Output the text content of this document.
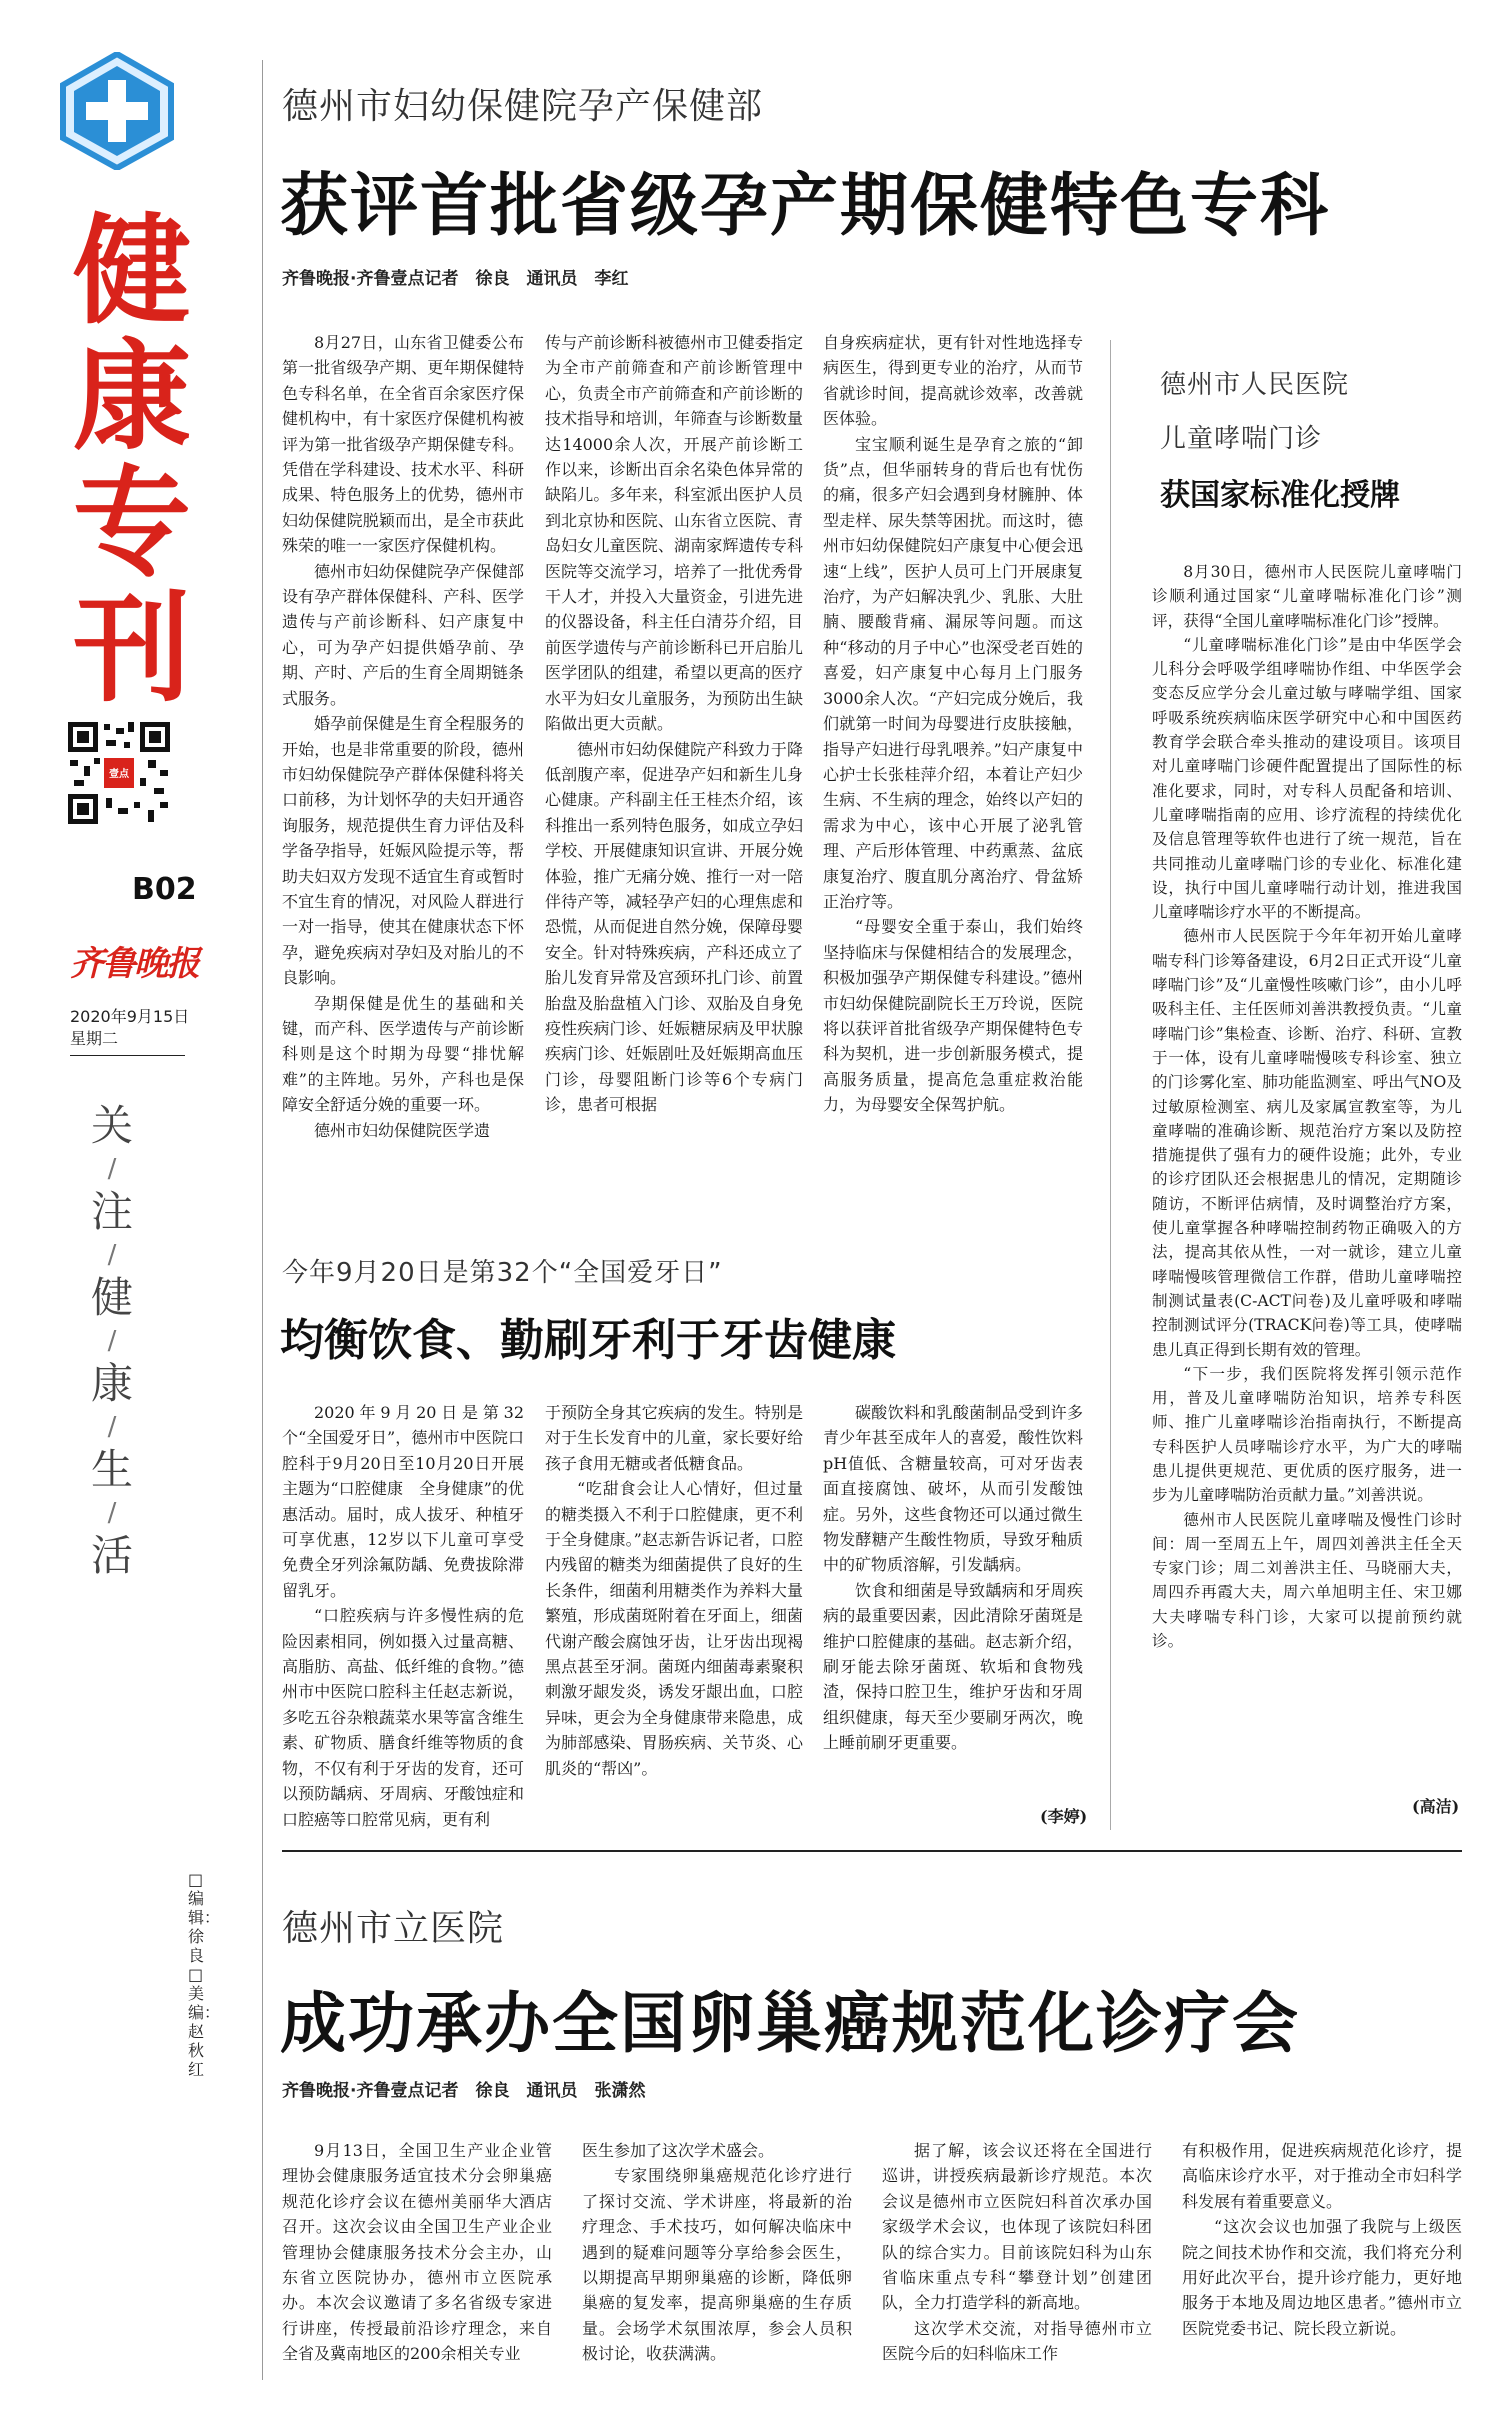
健
康
专
刊
壹点
B02
齐鲁晚报
2020年9月15日
星期二
关
/
注
/
健
/
康
/
生
/
活
□编辑：徐良 □美编：赵秋红
德州市妇幼保健院孕产保健部
获评首批省级孕产期保健特色专科
齐鲁晚报·齐鲁壹点记者　徐良　通讯员　李红

8月27日，山东省卫健委公布第一批省级孕产期、更年期保健特色专科名单，在全省百余家医疗保健机构中，有十家医疗保健机构被评为第一批省级孕产期保健专科。凭借在学科建设、技术水平、科研成果、特色服务上的优势，德州市妇幼保健院脱颖而出，是全市获此殊荣的唯一一家医疗保健机构。

德州市妇幼保健院孕产保健部设有孕产群体保健科、产科、医学遗传与产前诊断科、妇产康复中心，可为孕产妇提供婚孕前、孕期、产时、产后的生育全周期链条式服务。

婚孕前保健是生育全程服务的开始，也是非常重要的阶段，德州市妇幼保健院孕产群体保健科将关口前移，为计划怀孕的夫妇开通咨询服务，规范提供生育力评估及科学备孕指导，妊娠风险提示等，帮助夫妇双方发现不适宜生育或暂时不宜生育的情况，对风险人群进行一对一指导，使其在健康状态下怀孕，避免疾病对孕妇及对胎儿的不良影响。

孕期保健是优生的基础和关键，而产科、医学遗传与产前诊断科则是这个时期为母婴“排忧解难”的主阵地。另外，产科也是保障安全舒适分娩的重要一环。

德州市妇幼保健院医学遗

传与产前诊断科被德州市卫健委指定为全市产前筛查和产前诊断管理中心，负责全市产前筛查和产前诊断的技术指导和培训，年筛查与诊断数量达14000余人次，开展产前诊断工作以来，诊断出百余名染色体异常的缺陷儿。多年来，科室派出医护人员到北京协和医院、山东省立医院、青岛妇女儿童医院、湖南家辉遗传专科医院等交流学习，培养了一批优秀骨干人才，并投入大量资金，引进先进的仪器设备，科主任白清芬介绍，目前医学遗传与产前诊断科已开启胎儿医学团队的组建，希望以更高的医疗水平为妇女儿童服务，为预防出生缺陷做出更大贡献。

德州市妇幼保健院产科致力于降低剖腹产率，促进孕产妇和新生儿身心健康。产科副主任王桂杰介绍，该科推出一系列特色服务，如成立孕妇学校、开展健康知识宣讲、开展分娩体验，推广无痛分娩、推行一对一陪伴待产等，减轻孕产妇的心理焦虑和恐慌，从而促进自然分娩，保障母婴安全。针对特殊疾病，产科还成立了胎儿发育异常及宫颈环扎门诊、前置胎盘及胎盘植入门诊、双胎及自身免疫性疾病门诊、妊娠糖尿病及甲状腺疾病门诊、妊娠剧吐及妊娠期高血压门诊，母婴阻断门诊等6个专病门诊，患者可根据

自身疾病症状，更有针对性地选择专病医生，得到更专业的治疗，从而节省就诊时间，提高就诊效率，改善就医体验。

宝宝顺利诞生是孕育之旅的“卸货”点，但华丽转身的背后也有忧伤的痛，很多产妇会遇到身材臃肿、体型走样、尿失禁等困扰。而这时，德州市妇幼保健院妇产康复中心便会迅速“上线”，医护人员可上门开展康复治疗，为产妇解决乳少、乳胀、大肚腩、腰酸背痛、漏尿等问题。而这种“移动的月子中心”也深受老百姓的喜爱，妇产康复中心每月上门服务3000余人次。“产妇完成分娩后，我们就第一时间为母婴进行皮肤接触，指导产妇进行母乳喂养。”妇产康复中心护士长张桂萍介绍，本着让产妇少生病、不生病的理念，始终以产妇的需求为中心，该中心开展了泌乳管理、产后形体管理、中药熏蒸、盆底康复治疗、腹直肌分离治疗、骨盆矫正治疗等。

“母婴安全重于泰山，我们始终坚持临床与保健相结合的发展理念，积极加强孕产期保健专科建设。”德州市妇幼保健院副院长王万玲说，医院将以获评首批省级孕产期保健特色专科为契机，进一步创新服务模式，提高服务质量，提高危急重症救治能力，为母婴安全保驾护航。

德州市人民医院
儿童哮喘门诊
获国家标准化授牌

8月30日，德州市人民医院儿童哮喘门诊顺利通过国家“儿童哮喘标准化门诊”测评，获得“全国儿童哮喘标准化门诊”授牌。

“儿童哮喘标准化门诊”是由中华医学会儿科分会呼吸学组哮喘协作组、中华医学会变态反应学分会儿童过敏与哮喘学组、国家呼吸系统疾病临床医学研究中心和中国医药教育学会联合牵头推动的建设项目。该项目对儿童哮喘门诊硬件配置提出了国际性的标准化要求，同时，对专科人员配备和培训、儿童哮喘指南的应用、诊疗流程的持续优化及信息管理等软件也进行了统一规范，旨在共同推动儿童哮喘门诊的专业化、标准化建设，执行中国儿童哮喘行动计划，推进我国儿童哮喘诊疗水平的不断提高。

德州市人民医院于今年年初开始儿童哮喘专科门诊筹备建设，6月2日正式开设“儿童哮喘门诊”及“儿童慢性咳嗽门诊”，由小儿呼吸科主任、主任医师刘善洪教授负责。“儿童哮喘门诊”集检查、诊断、治疗、科研、宣教于一体，设有儿童哮喘慢咳专科诊室、独立的门诊雾化室、肺功能监测室、呼出气NO及过敏原检测室、病儿及家属宣教室等，为儿童哮喘的准确诊断、规范治疗方案以及防控措施提供了强有力的硬件设施；此外，专业的诊疗团队还会根据患儿的情况，定期随诊随访，不断评估病情，及时调整治疗方案，使儿童掌握各种哮喘控制药物正确吸入的方法，提高其依从性，一对一就诊，建立儿童哮喘慢咳管理微信工作群，借助儿童哮喘控制测试量表(C-ACT问卷)及儿童呼吸和哮喘控制测试评分(TRACK问卷)等工具，使哮喘患儿真正得到长期有效的管理。

“下一步，我们医院将发挥引领示范作用，普及儿童哮喘防治知识，培养专科医师、推广儿童哮喘诊治指南执行，不断提高专科医护人员哮喘诊疗水平，为广大的哮喘患儿提供更规范、更优质的医疗服务，进一步为儿童哮喘防治贡献力量。”刘善洪说。

德州市人民医院儿童哮喘及慢性门诊时间：周一至周五上午，周四刘善洪主任全天专家门诊；周二刘善洪主任、马晓丽大夫，周四乔再霞大夫，周六单旭明主任、宋卫娜大夫哮喘专科门诊，大家可以提前预约就诊。

(高洁)
今年9月20日是第32个“全国爱牙日”
均衡饮食、勤刷牙利于牙齿健康

2020年9月20日是第32个“全国爱牙日”，德州市中医院口腔科于9月20日至10月20日开展主题为“口腔健康　全身健康”的优惠活动。届时，成人拔牙、种植牙可享优惠，12岁以下儿童可享受免费全牙列涂氟防龋、免费拔除滞留乳牙。

“口腔疾病与许多慢性病的危险因素相同，例如摄入过量高糖、高脂肪、高盐、低纤维的食物。”德州市中医院口腔科主任赵志新说，多吃五谷杂粮蔬菜水果等富含维生素、矿物质、膳食纤维等物质的食物，不仅有利于牙齿的发育，还可以预防龋病、牙周病、牙酸蚀症和口腔癌等口腔常见病，更有利

于预防全身其它疾病的发生。特别是对于生长发育中的儿童，家长要好给孩子食用无糖或者低糖食品。

“吃甜食会让人心情好，但过量的糖类摄入不利于口腔健康，更不利于全身健康。”赵志新告诉记者，口腔内残留的糖类为细菌提供了良好的生长条件，细菌利用糖类作为养料大量繁殖，形成菌斑附着在牙面上，细菌代谢产酸会腐蚀牙齿，让牙齿出现褐黑点甚至牙洞。菌斑内细菌毒素聚积刺激牙龈发炎，诱发牙龈出血，口腔异味，更会为全身健康带来隐患，成为肺部感染、胃肠疾病、关节炎、心肌炎的“帮凶”。

碳酸饮料和乳酸菌制品受到许多青少年甚至成年人的喜爱，酸性饮料pH值低、含糖量较高，可对牙齿表面直接腐蚀、破坏，从而引发酸蚀症。另外，这些食物还可以通过微生物发酵糖产生酸性物质，导致牙釉质中的矿物质溶解，引发龋病。

饮食和细菌是导致龋病和牙周疾病的最重要因素，因此清除牙菌斑是维护口腔健康的基础。赵志新介绍，刷牙能去除牙菌斑、软垢和食物残渣，保持口腔卫生，维护牙齿和牙周组织健康，每天至少要刷牙两次，晚上睡前刷牙更重要。

(李婷)
德州市立医院
成功承办全国卵巢癌规范化诊疗会
齐鲁晚报·齐鲁壹点记者　徐良　通讯员　张潇然

9月13日，全国卫生产业企业管理协会健康服务适宜技术分会卵巢癌规范化诊疗会议在德州美丽华大酒店召开。这次会议由全国卫生产业企业管理协会健康服务技术分会主办，山东省立医院协办，德州市立医院承办。本次会议邀请了多名省级专家进行讲座，传授最前沿诊疗理念，来自全省及冀南地区的200余相关专业

医生参加了这次学术盛会。

专家围绕卵巢癌规范化诊疗进行了探讨交流、学术讲座，将最新的治疗理念、手术技巧，如何解决临床中遇到的疑难问题等分享给参会医生，以期提高早期卵巢癌的诊断，降低卵巢癌的复发率，提高卵巢癌的生存质量。会场学术氛围浓厚，参会人员积极讨论，收获满满。

据了解，该会议还将在全国进行巡讲，讲授疾病最新诊疗规范。本次会议是德州市立医院妇科首次承办国家级学术会议，也体现了该院妇科团队的综合实力。目前该院妇科为山东省临床重点专科“攀登计划”创建团队，全力打造学科的新高地。

这次学术交流，对指导德州市立医院今后的妇科临床工作

有积极作用，促进疾病规范化诊疗，提高临床诊疗水平，对于推动全市妇科学科发展有着重要意义。

“这次会议也加强了我院与上级医院之间技术协作和交流，我们将充分利用好此次平台，提升诊疗能力，更好地服务于本地及周边地区患者。”德州市立医院党委书记、院长段立新说。
